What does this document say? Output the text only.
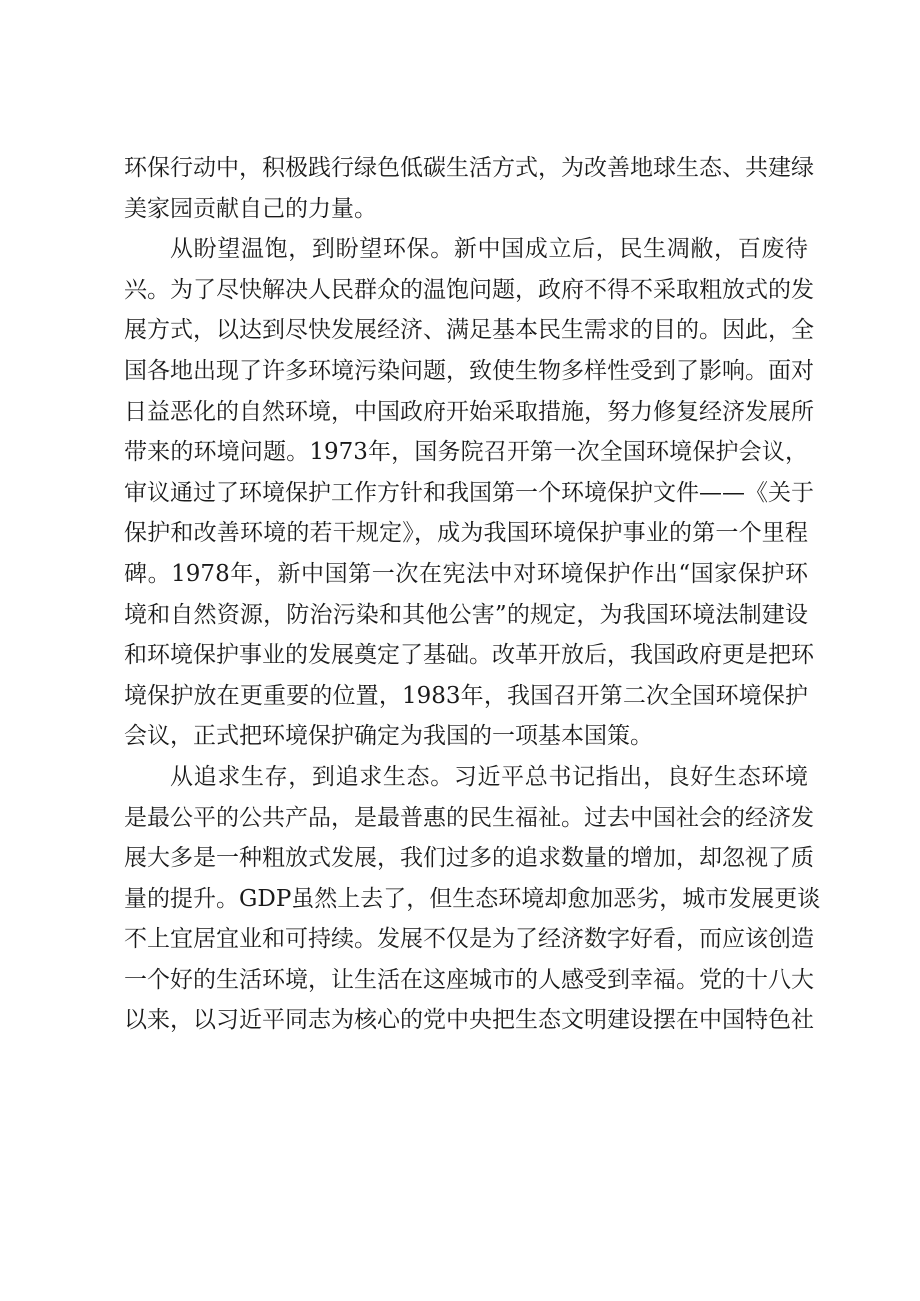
环保行动中，积极践行绿色低碳生活方式，为改善地球生态、共建绿
美家园贡献自己的力量。
从盼望温饱，到盼望环保。新中国成立后，民生凋敝，百废待
兴。为了尽快解决人民群众的温饱问题，政府不得不采取粗放式的发
展方式，以达到尽快发展经济、满足基本民生需求的目的。因此，全
国各地出现了许多环境污染问题，致使生物多样性受到了影响。面对
日益恶化的自然环境，中国政府开始采取措施，努力修复经济发展所
带来的环境问题。1973年，国务院召开第一次全国环境保护会议，
审议通过了环境保护工作方针和我国第一个环境保护文件——《关于
保护和改善环境的若干规定》，成为我国环境保护事业的第一个里程
碑。1978年，新中国第一次在宪法中对环境保护作出“国家保护环
境和自然资源，防治污染和其他公害”的规定，为我国环境法制建设
和环境保护事业的发展奠定了基础。改革开放后，我国政府更是把环
境保护放在更重要的位置，1983年，我国召开第二次全国环境保护
会议，正式把环境保护确定为我国的一项基本国策。
从追求生存，到追求生态。习近平总书记指出，良好生态环境
是最公平的公共产品，是最普惠的民生福祉。过去中国社会的经济发
展大多是一种粗放式发展，我们过多的追求数量的增加，却忽视了质
量的提升。GDP虽然上去了，但生态环境却愈加恶劣，城市发展更谈
不上宜居宜业和可持续。发展不仅是为了经济数字好看，而应该创造
一个好的生活环境，让生活在这座城市的人感受到幸福。党的十八大
以来，以习近平同志为核心的党中央把生态文明建设摆在中国特色社
